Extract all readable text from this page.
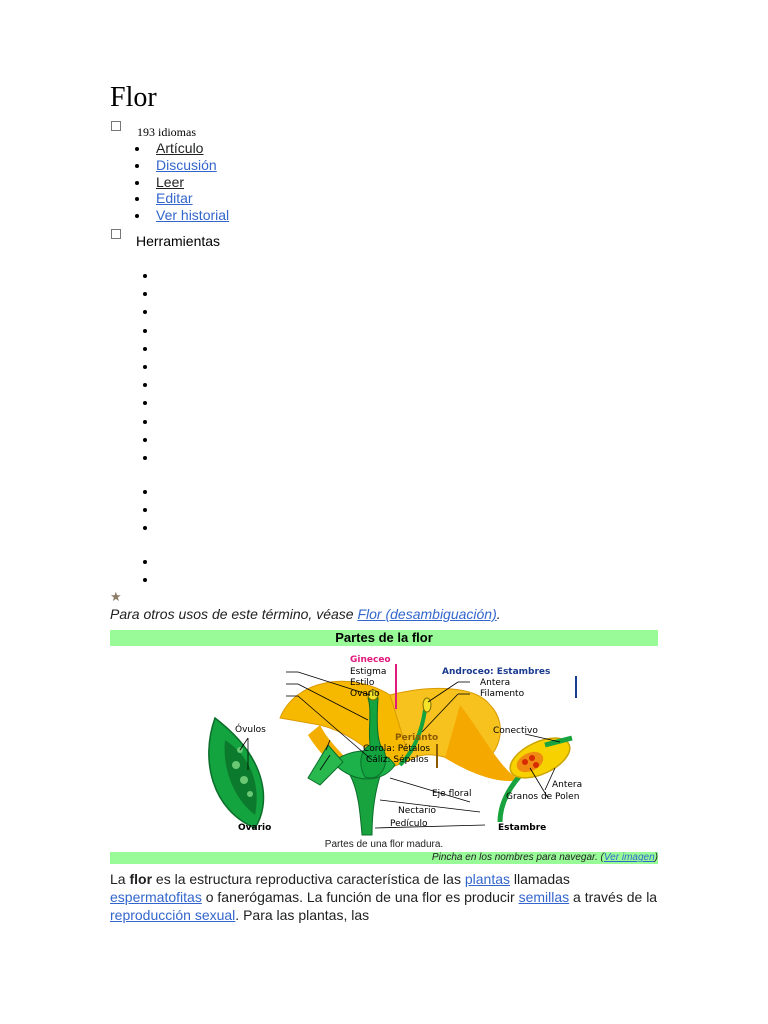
Flor
193 idiomas
Artículo
Discusión
Leer
Editar
Ver historial
Herramientas
★
Para otros usos de este término, véase Flor (desambiguación).
Partes de la flor
Gineceo
Estigma
Estilo
Ovario
Androceo: Estambres
Antera
Filamento
Óvulos
Perianto
Corola: Pétalos
Cáliz: Sépalos
Conectivo
Antera
Granos de Polen
Eje floral
Nectario
Pedículo
Ovario	Estambre
Partes de una flor madura.
Pincha en los nombres para navegar. (Ver imagen)
La flor es la estructura reproductiva característica de las plantas llamadas espermatofitas o fanerógamas. La función de una flor es producir semillas a través de la reproducción sexual. Para las plantas, las
